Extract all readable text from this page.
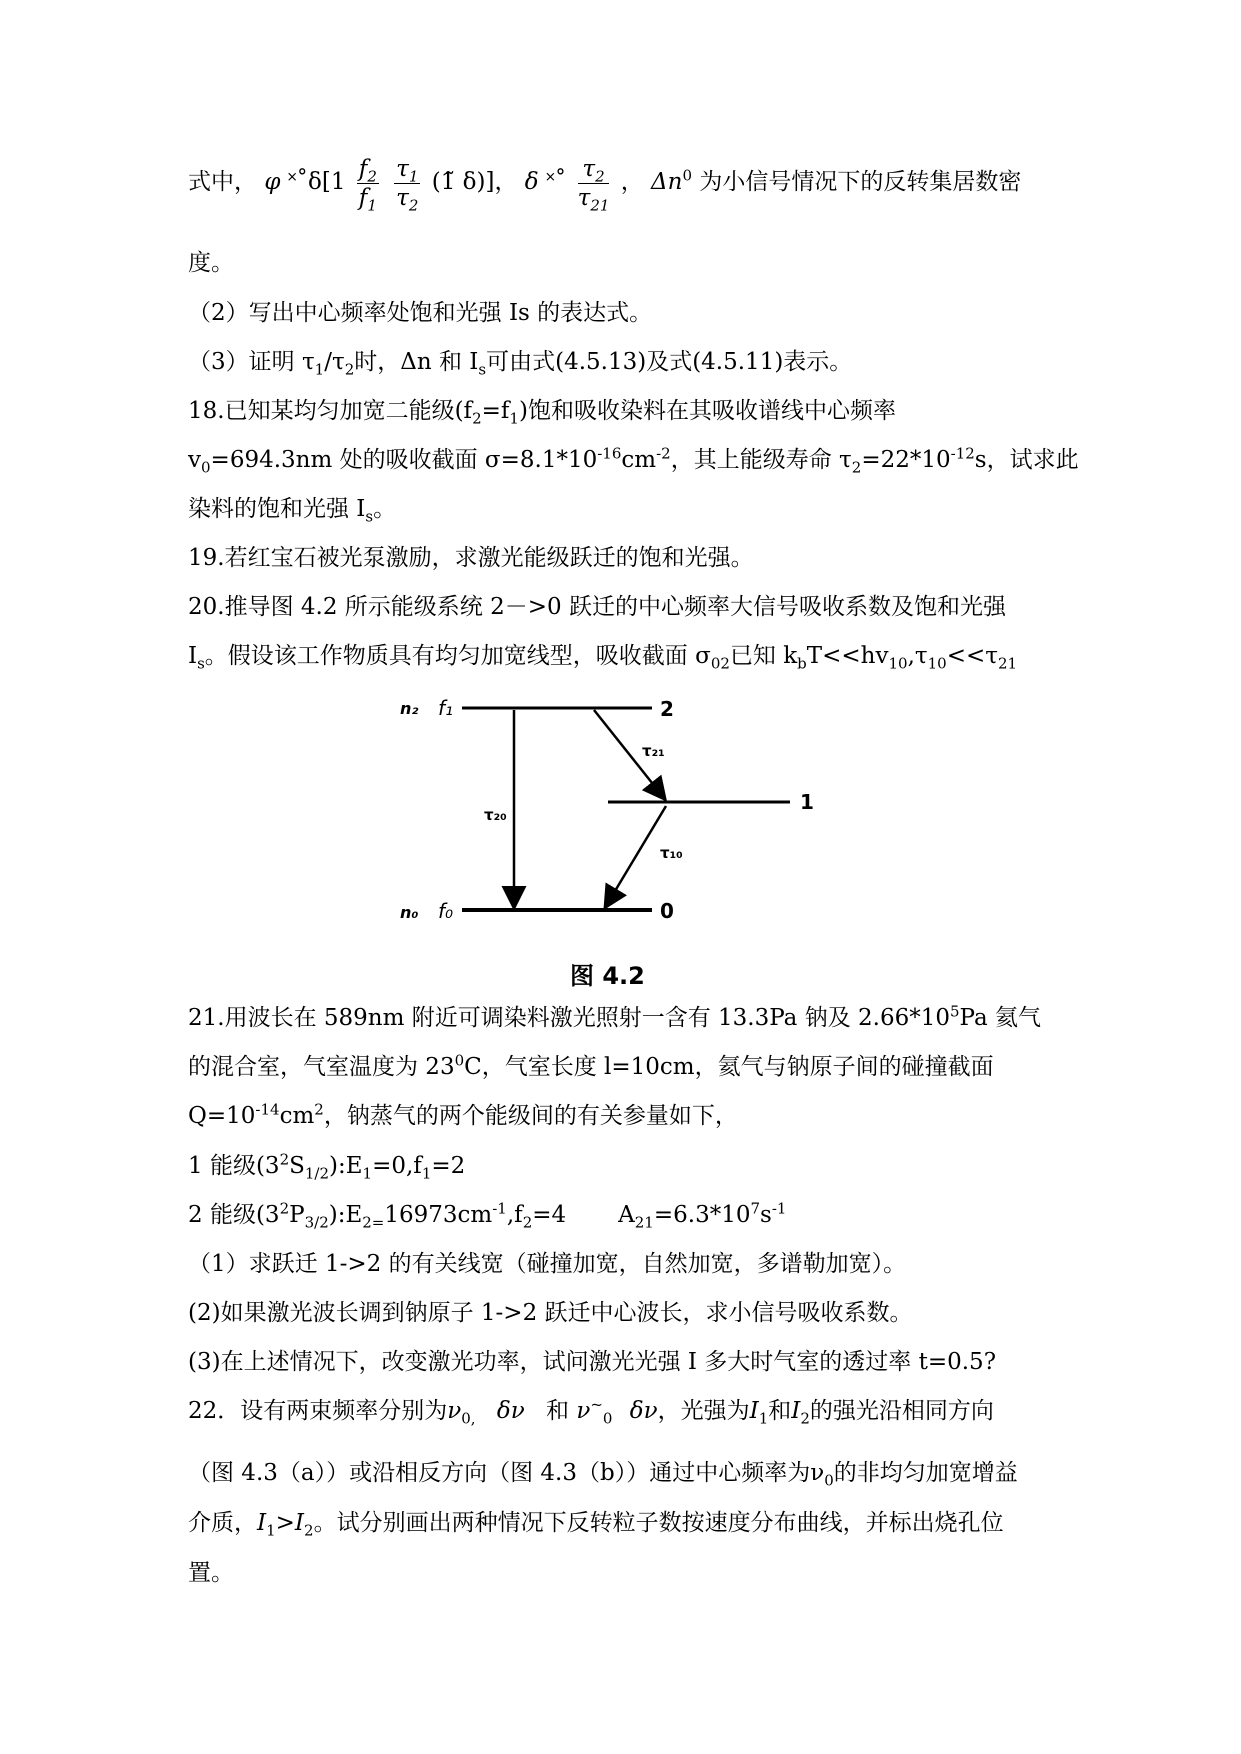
式中， φ ˟˚δ[1 $\frac{f_2}{f_1}$
$\frac{\tau_1}{\tau_2}$ (1̃ δ)]， δ ˟˚ $\frac{\tau_2}{\tau_{21}}$ ， $\Delta n^0$ 为小信号情况下的反转集居数密
度。
（2）写出中心频率处饱和光强 Is 的表达式。
（3）证明 $\tau_1/\tau_2$时，Δn 和 $I_s$可由式(4.5.13)及式(4.5.11)表示。
18.已知某均匀加宽二能级$(f_2=f_1)$饱和吸收染料在其吸收谱线中心频率
$v_0=694.3nm$ 处的吸收截面 $\sigma=8.1*10^{-16}cm^{-2}$，其上能级寿命 $\tau_2=22*10^{-12}s$，试求此
染料的饱和光强 $I_s$。
19.若红宝石被光泵激励，求激光能级跃迁的饱和光强。
20.推导图 4.2 所示能级系统 2－>0 跃迁的中心频率大信号吸收系数及饱和光强
$I_s$。假设该工作物质具有均匀加宽线型，吸收截面 $\sigma_{02}$已知 $k_bT<<hv_{10},\tau_{10}<<\tau_{21}$
n₂ f₁	2
1
n₀ f₀	0
τ₂₁
τ₂₀
τ₁₀
图 4.2
21.用波长在 589nm 附近可调染料激光照射一含有 13.3Pa 钠及 $2.66*10^5Pa$ 氦气
的混合室，气室温度为 $23^0C$，气室长度 l=10cm，氦气与钠原子间的碰撞截面
$Q=10^{-14}cm^2$，钠蒸气的两个能级间的有关参量如下，
1 能级$(3^2S_{1/2}):E_1=0,f_1=2$
2 能级$(3^2P_{3/2}):E_{2=}16973cm^{-1},f_2=4$ $A_{21}=6.3*10^7s^{-1}$
（1）求跃迁 1->2 的有关线宽（碰撞加宽，自然加宽，多谱勒加宽）。
(2)如果激光波长调到钠原子 1->2 跃迁中心波长，求小信号吸收系数。
(3)在上述情况下，改变激光功率，试问激光光强 I 多大时气室的透过率 t=0.5?
22．设有两束频率分别为$\nu_{0,}$ δν 和 $\nu^\sim_0$ δν，光强为$I_1$和$I_2$的强光沿相同方向
（图 4.3（a））或沿相反方向（图 4.3（b））通过中心频率为$\nu_0$的非均匀加宽增益
介质，$I_1>I_2$。试分别画出两种情况下反转粒子数按速度分布曲线，并标出烧孔位
置。
